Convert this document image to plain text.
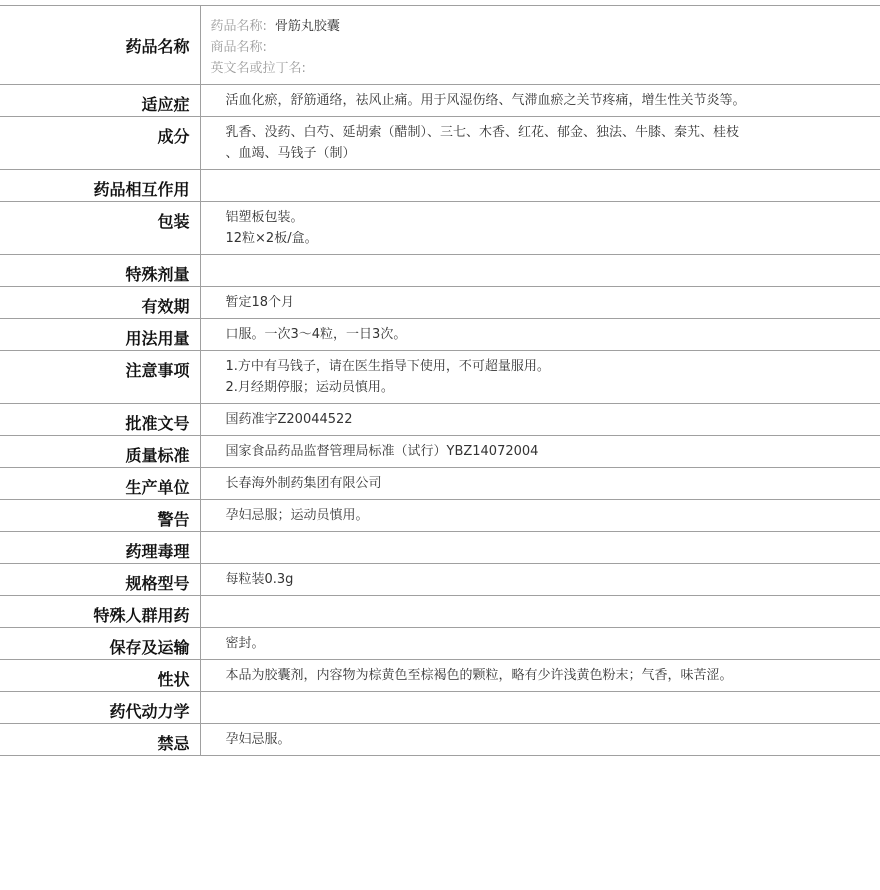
药品名称	药品名称: 骨筋丸胶囊
商品名称:
英文名或拉丁名:

适应症	活血化瘀，舒筋通络，祛风止痛。用于风湿伤络、气滞血瘀之关节疼痛，增生性关节炎等。

成分	乳香、没药、白芍、延胡索（醋制）、三七、木香、红花、郁金、独法、牛膝、秦艽、桂枝
、血竭、马钱子（制）

药品相互作用	

包装	铝塑板包装。
12粒×2板/盒。

特殊剂量	

有效期	暂定18个月

用法用量	口服。一次3～4粒，一日3次。

注意事项	1.方中有马钱子，请在医生指导下使用，不可超量服用。
2.月经期停服；运动员慎用。

批准文号	国药准字Z20044522

质量标准	国家食品药品监督管理局标准（试行）YBZ14072004

生产单位	长春海外制药集团有限公司

警告	孕妇忌服；运动员慎用。

药理毒理	

规格型号	每粒装0.3g

特殊人群用药	

保存及运输	密封。

性状	本品为胶囊剂，内容物为棕黄色至棕褐色的颗粒，略有少许浅黄色粉末；气香，味苦涩。

药代动力学	

禁忌	孕妇忌服。
